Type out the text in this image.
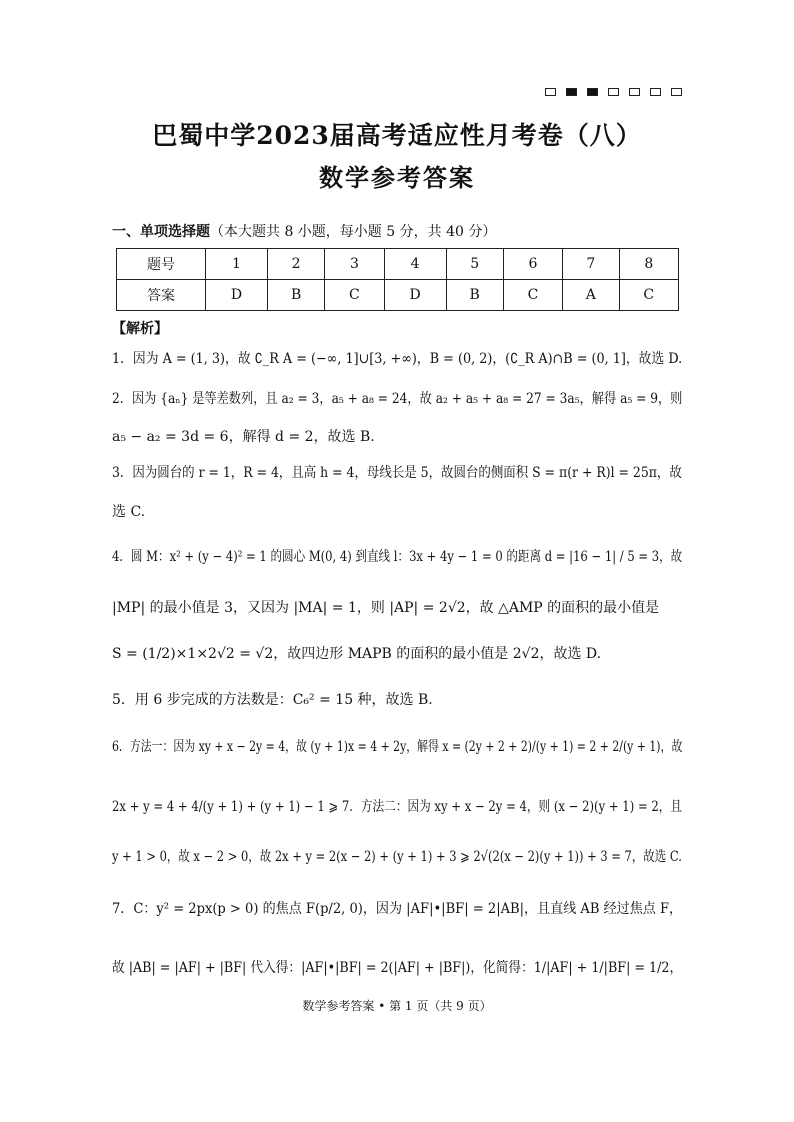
巴蜀中学2023届高考适应性月考卷（八）
数学参考答案
一、单项选择题（本大题共 8 小题，每小题 5 分，共 40 分）
题号	1	2	3	4	5	6	7	8
答案	D	B	C	D	B	C	A	C
【解析】
1．因为 A = (1, 3)，故 ∁_R A = (−∞, 1]∪[3, +∞)，B = (0, 2)，(∁_R A)∩B = (0, 1]，故选 D.
2．因为 {aₙ} 是等差数列，且 a₂ = 3，a₅ + a₈ = 24，故 a₂ + a₅ + a₈ = 27 = 3a₅，解得 a₅ = 9，则
a₅ − a₂ = 3d = 6，解得 d = 2，故选 B.
3．因为圆台的 r = 1，R = 4，且高 h = 4，母线长是 5，故圆台的侧面积 S = π(r + R)l = 25π，故
选 C.
4．圆 M：x² + (y − 4)² = 1 的圆心 M(0, 4) 到直线 l：3x + 4y − 1 = 0 的距离 d = |16 − 1| / 5 = 3，故
|MP| 的最小值是 3，又因为 |MA| = 1，则 |AP| = 2√2，故 △AMP 的面积的最小值是
S = (1/2)×1×2√2 = √2，故四边形 MAPB 的面积的最小值是 2√2，故选 D.
5．用 6 步完成的方法数是：C₆² = 15 种，故选 B.
6．方法一：因为 xy + x − 2y = 4，故 (y + 1)x = 4 + 2y，解得 x = (2y + 2 + 2)/(y + 1) = 2 + 2/(y + 1)，故
2x + y = 4 + 4/(y + 1) + (y + 1) − 1 ⩾ 7．方法二：因为 xy + x − 2y = 4，则 (x − 2)(y + 1) = 2，且
y + 1 > 0，故 x − 2 > 0，故 2x + y = 2(x − 2) + (y + 1) + 3 ⩾ 2√(2(x − 2)(y + 1)) + 3 = 7，故选 C.
7．C：y² = 2px(p > 0) 的焦点 F(p/2, 0)，因为 |AF|•|BF| = 2|AB|，且直线 AB 经过焦点 F，
故 |AB| = |AF| + |BF| 代入得：|AF|•|BF| = 2(|AF| + |BF|)，化简得：1/|AF| + 1/|BF| = 1/2，
数学参考答案 • 第 1 页（共 9 页）
